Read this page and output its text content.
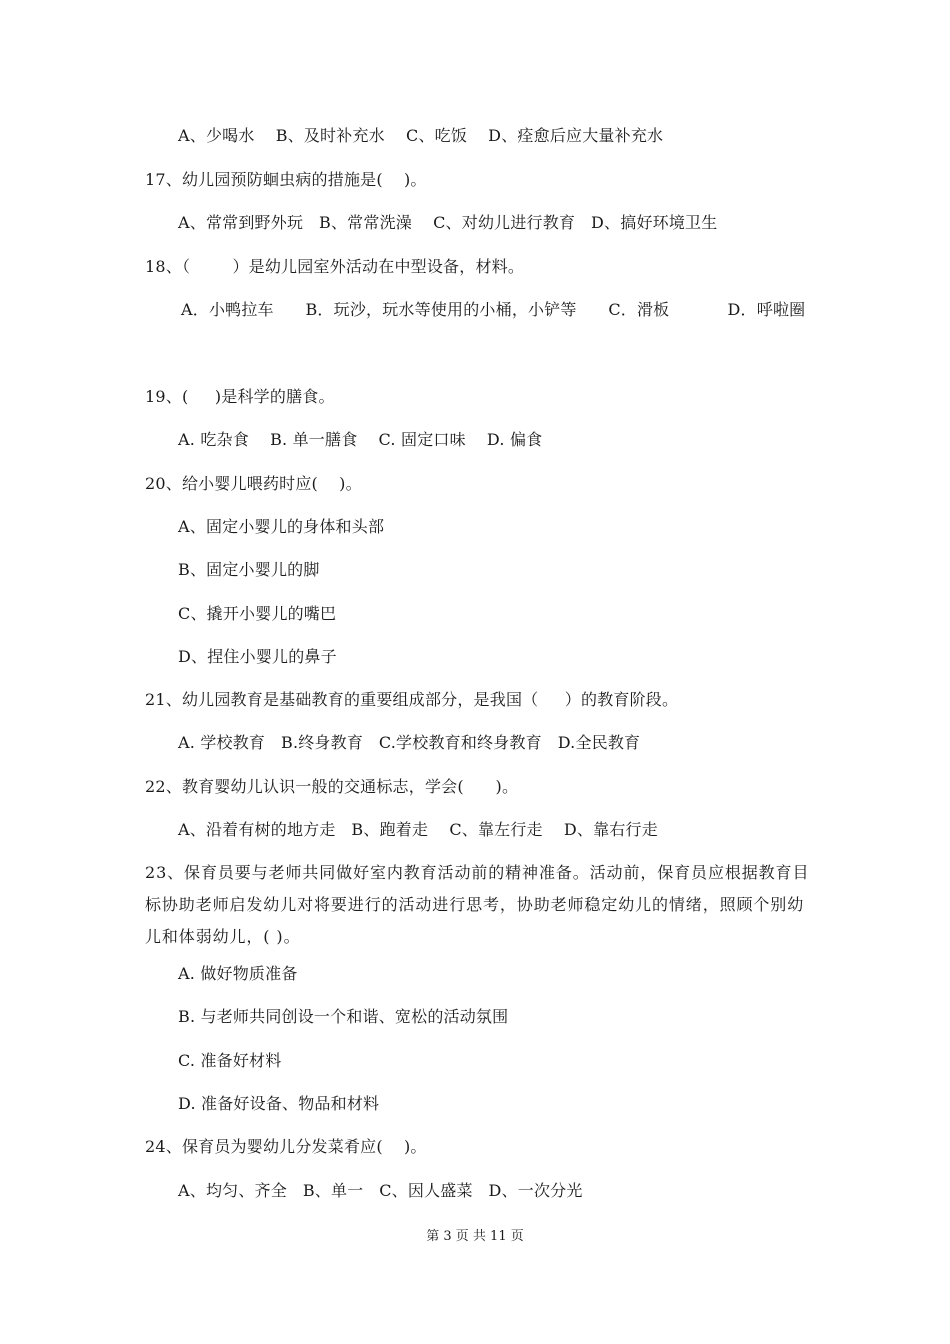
A、少喝水    B、及时补充水    C、吃饭    D、痊愈后应大量补充水
17、幼儿园预防蛔虫病的措施是(    )。
A、常常到野外玩   B、常常洗澡    C、对幼儿进行教育   D、搞好环境卫生
18、（        ）是幼儿园室外活动在中型设备，材料。
A．小鸭拉车      B．玩沙，玩水等使用的小桶，小铲等      C．滑板           D．呼啦圈
19、(     )是科学的膳食。
A. 吃杂食    B. 单一膳食    C. 固定口味    D. 偏食
20、给小婴儿喂药时应(    )。
A、固定小婴儿的身体和头部
B、固定小婴儿的脚
C、撬开小婴儿的嘴巴
D、捏住小婴儿的鼻子
21、幼儿园教育是基础教育的重要组成部分，是我国（     ）的教育阶段。
A. 学校教育   B.终身教育   C.学校教育和终身教育   D.全民教育
22、教育婴幼儿认识一般的交通标志，学会(      )。
A、沿着有树的地方走   B、跑着走    C、靠左行走    D、靠右行走
23、保育员要与老师共同做好室内教育活动前的精神准备。活动前，保育员应根据教育目标协助老师启发幼儿对将要进行的活动进行思考，协助老师稳定幼儿的情绪，照顾个别幼儿和体弱幼儿，( )。
A. 做好物质准备
B. 与老师共同创设一个和谐、宽松的活动氛围
C. 准备好材料
D. 准备好设备、物品和材料
24、保育员为婴幼儿分发菜肴应(    )。
A、均匀、齐全   B、单一   C、因人盛菜   D、一次分光
第 3 页 共 11 页
